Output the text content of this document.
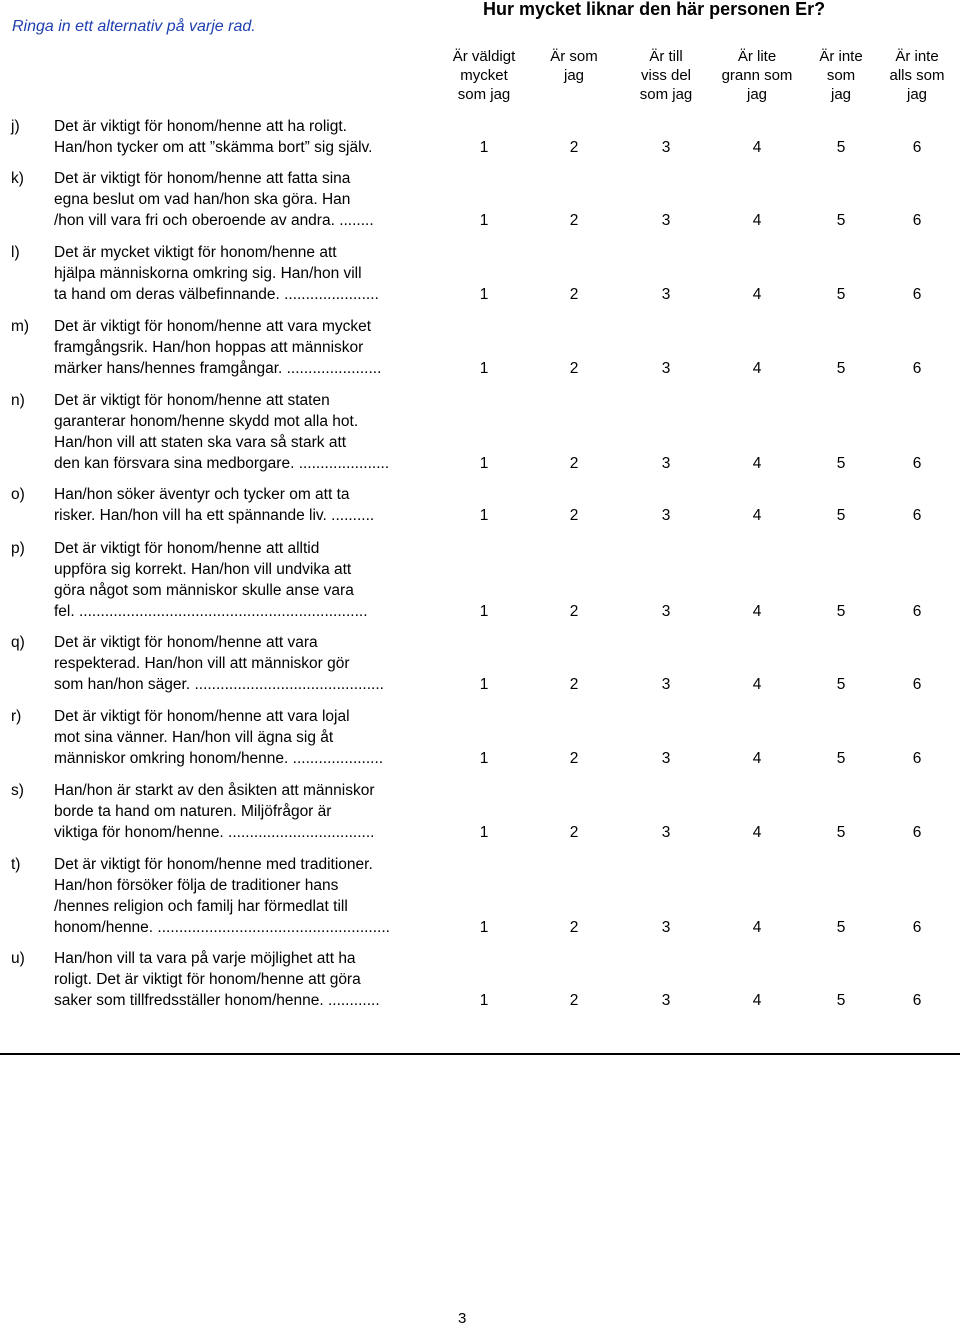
Ringa in ett alternativ på varje rad.
Hur mycket liknar den här personen Er?
Är väldigt
mycket
som jag
Är som
jag
Är till
viss del
som jag
Är lite
grann som
jag
Är inte
som
jag
Är inte
alls som
jag
j) Det är viktigt för honom/henne att ha roligt.
Han/hon tycker om att ”skämma bort” sig själv.	1	2	3	4	5	6
k) Det är viktigt för honom/henne att fatta sina
egna beslut om vad han/hon ska göra. Han
/hon vill vara fri och oberoende av andra. ........	1	2	3	4	5	6
l) Det är mycket viktigt för honom/henne att
hjälpa människorna omkring sig. Han/hon vill
ta hand om deras välbefinnande. ......................	1	2	3	4	5	6
m) Det är viktigt för honom/henne att vara mycket
framgångsrik. Han/hon hoppas att människor
märker hans/hennes framgångar. ......................	1	2	3	4	5	6
n) Det är viktigt för honom/henne att staten
garanterar honom/henne skydd mot alla hot.
Han/hon vill att staten ska vara så stark att
den kan försvara sina medborgare. .....................	1	2	3	4	5	6
o) Han/hon söker äventyr och tycker om att ta
risker. Han/hon vill ha ett spännande liv. ..........	1	2	3	4	5	6
p) Det är viktigt för honom/henne att alltid
uppföra sig korrekt. Han/hon vill undvika att
göra något som människor skulle anse vara
fel. ...................................................................	1	2	3	4	5	6
q) Det är viktigt för honom/henne att vara
respekterad. Han/hon vill att människor gör
som han/hon säger. ............................................	1	2	3	4	5	6
r) Det är viktigt för honom/henne att vara lojal
mot sina vänner. Han/hon vill ägna sig åt
människor omkring honom/henne. .....................	1	2	3	4	5	6
s) Han/hon är starkt av den åsikten att människor
borde ta hand om naturen. Miljöfrågor är
viktiga för honom/henne. ..................................	1	2	3	4	5	6
t) Det är viktigt för honom/henne med traditioner.
Han/hon försöker följa de traditioner hans
/hennes religion och familj har förmedlat till
honom/henne. ......................................................	1	2	3	4	5	6
u) Han/hon vill ta vara på varje möjlighet att ha
roligt. Det är viktigt för honom/henne att göra
saker som tillfredsställer honom/henne. ............	1	2	3	4	5	6
3
